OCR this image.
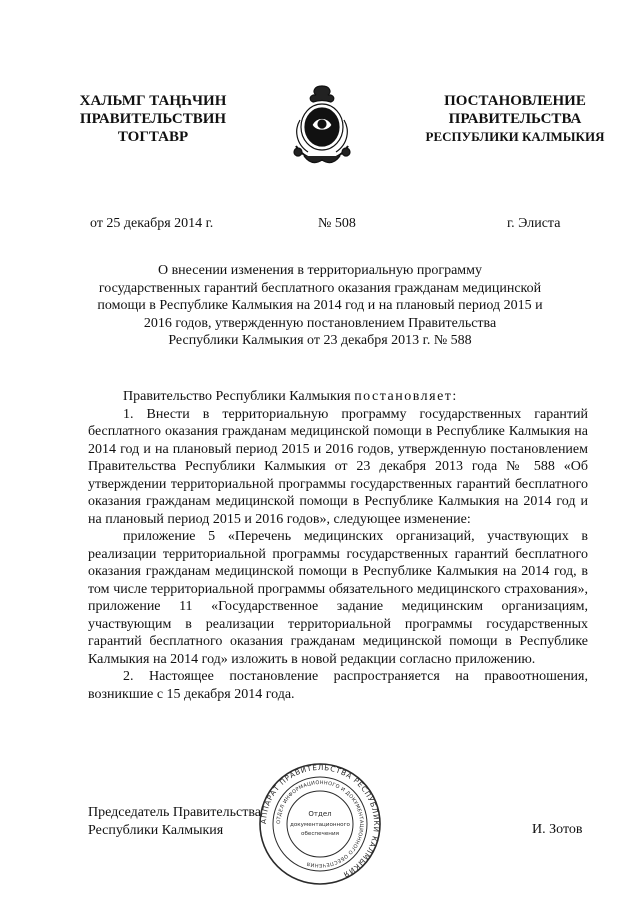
ХАЛЬМГ ТАҢҺЧИН
ПРАВИТЕЛЬСТВИН
ТОГТАВР
ПОСТАНОВЛЕНИЕ
ПРАВИТЕЛЬСТВА
РЕСПУБЛИКИ КАЛМЫКИЯ
от 25 декабря 2014 г.	№ 508	г. Элиста
О внесении изменения в территориальную программу
государственных гарантий бесплатного оказания гражданам медицинской
помощи в Республике Калмыкия на 2014 год и на плановый период 2015 и
2016 годов, утвержденную постановлением Правительства
Республики Калмыкия от 23 декабря 2013 г. № 588

Правительство Республики Калмыкия постановляет:

1. Внести в территориальную программу государственных гарантий бесплатного оказания гражданам медицинской помощи в Республике Калмыкия на 2014 год и на плановый период 2015 и 2016 годов, утвержденную постановлением Правительства Республики Калмыкия от 23 декабря 2013 года № 588 «Об утверждении территориальной программы государственных гарантий бесплатного оказания гражданам медицинской помощи в Республике Калмыкия на 2014 год и на плановый период 2015 и 2016 годов», следующее изменение:

приложение 5 «Перечень медицинских организаций, участвующих в реализации территориальной программы государственных гарантий бесплатного оказания гражданам медицинской помощи в Республике Калмыкия на 2014 год, в том числе территориальной программы обязательного медицинского страхования», приложение 11 «Государственное задание медицинским организациям, участвующим в реализации территориальной программы государственных гарантий бесплатного оказания гражданам медицинской помощи в Республике Калмыкия на 2014 год» изложить в новой редакции согласно приложению.

2. Настоящее постановление распространяется на правоотношения, возникшие с 15 декабря 2014 года.

Председатель Правительства
Республики Калмыкия	И. Зотов
АППАРАТ ПРАВИТЕЛЬСТВА РЕСПУБЛИКИ КАЛМЫКИЯ
ОТДЕЛ ИНФОРМАЦИОННОГО И ДОКУМЕНТАЦИОННОГО ОБЕСПЕЧЕНИЯ
Отдел
документационного
обеспечения
